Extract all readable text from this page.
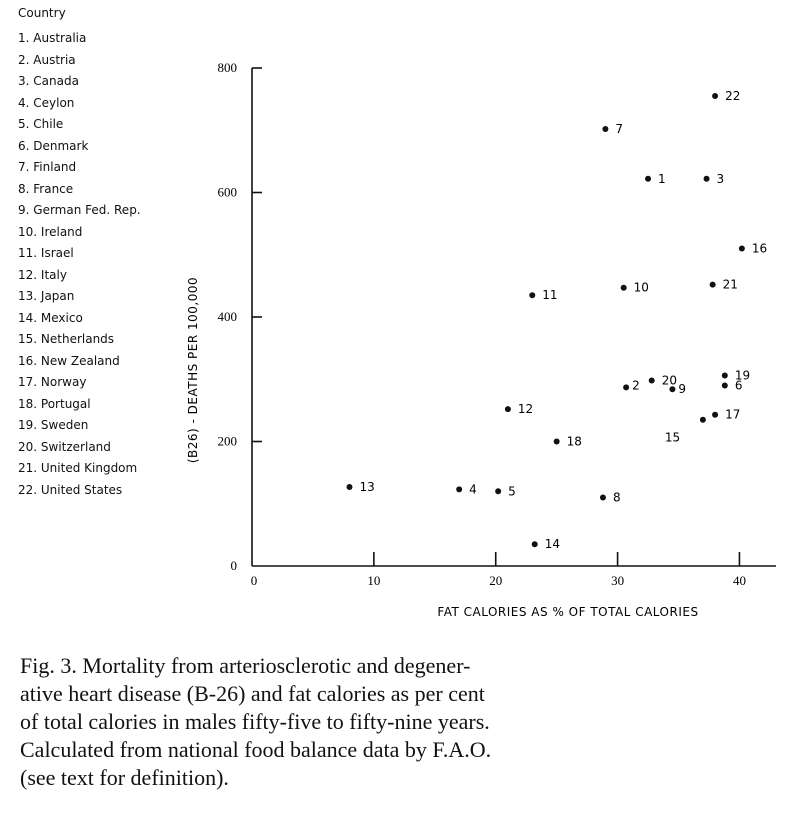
Country
1. Australia
2. Austria
3. Canada
4. Ceylon
5. Chile
6. Denmark
7. Finland
8. France
9. German Fed. Rep.
10. Ireland
11. Israel
12. Italy
13. Japan
14. Mexico
15. Netherlands
16. New Zealand
17. Norway
18. Portugal
19. Sweden
20. Switzerland
21. United Kingdom
22. United States
0	10	20	30	40
0
200
400
600
800
1
2
3
4	5
6
7
8
9
10
11
12
13
14
15
16
17
18
19
20
21
22
FAT CALORIES AS % OF TOTAL CALORIES
(B26) - DEATHS PER 100,000
Fig. 3. Mortality from arteriosclerotic and degener-
ative heart disease (B-26) and fat calories as per cent
of total calories in males fifty-five to fifty-nine years.
Calculated from national food balance data by F.A.O.
(see text for definition).
